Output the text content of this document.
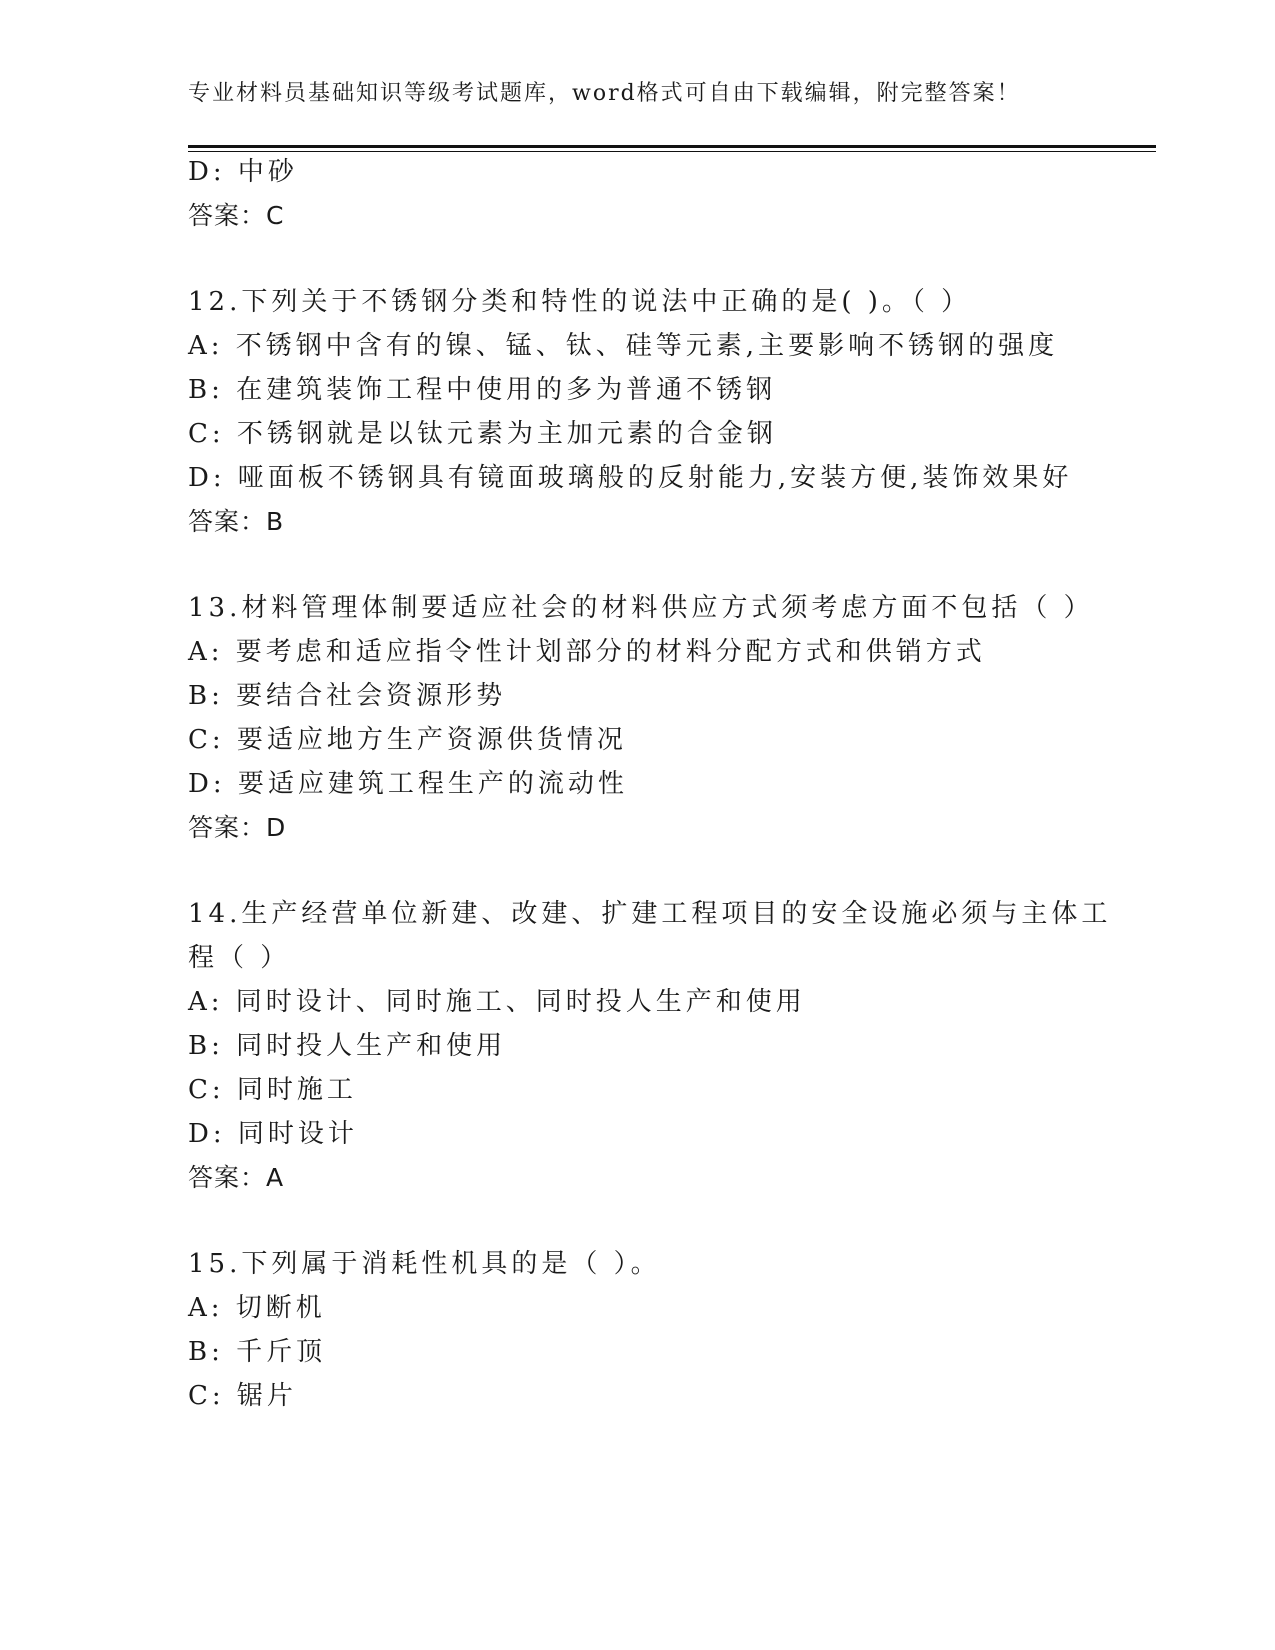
专业材料员基础知识等级考试题库，word格式可自由下载编辑，附完整答案！
D: 中砂
答案：C
12.下列关于不锈钢分类和特性的说法中正确的是( )。（ ）
A: 不锈钢中含有的镍、锰、钛、硅等元素,主要影响不锈钢的强度
B: 在建筑装饰工程中使用的多为普通不锈钢
C: 不锈钢就是以钛元素为主加元素的合金钢
D: 哑面板不锈钢具有镜面玻璃般的反射能力,安装方便,装饰效果好
答案：B
13.材料管理体制要适应社会的材料供应方式须考虑方面不包括（ ）
A: 要考虑和适应指令性计划部分的材料分配方式和供销方式
B: 要结合社会资源形势
C: 要适应地方生产资源供货情况
D: 要适应建筑工程生产的流动性
答案：D
14.生产经营单位新建、改建、扩建工程项目的安全设施必须与主体工
程（ ）
A: 同时设计、同时施工、同时投人生产和使用
B: 同时投人生产和使用
C: 同时施工
D: 同时设计
答案：A
15.下列属于消耗性机具的是（ ）。
A: 切断机
B: 千斤顶
C: 锯片
